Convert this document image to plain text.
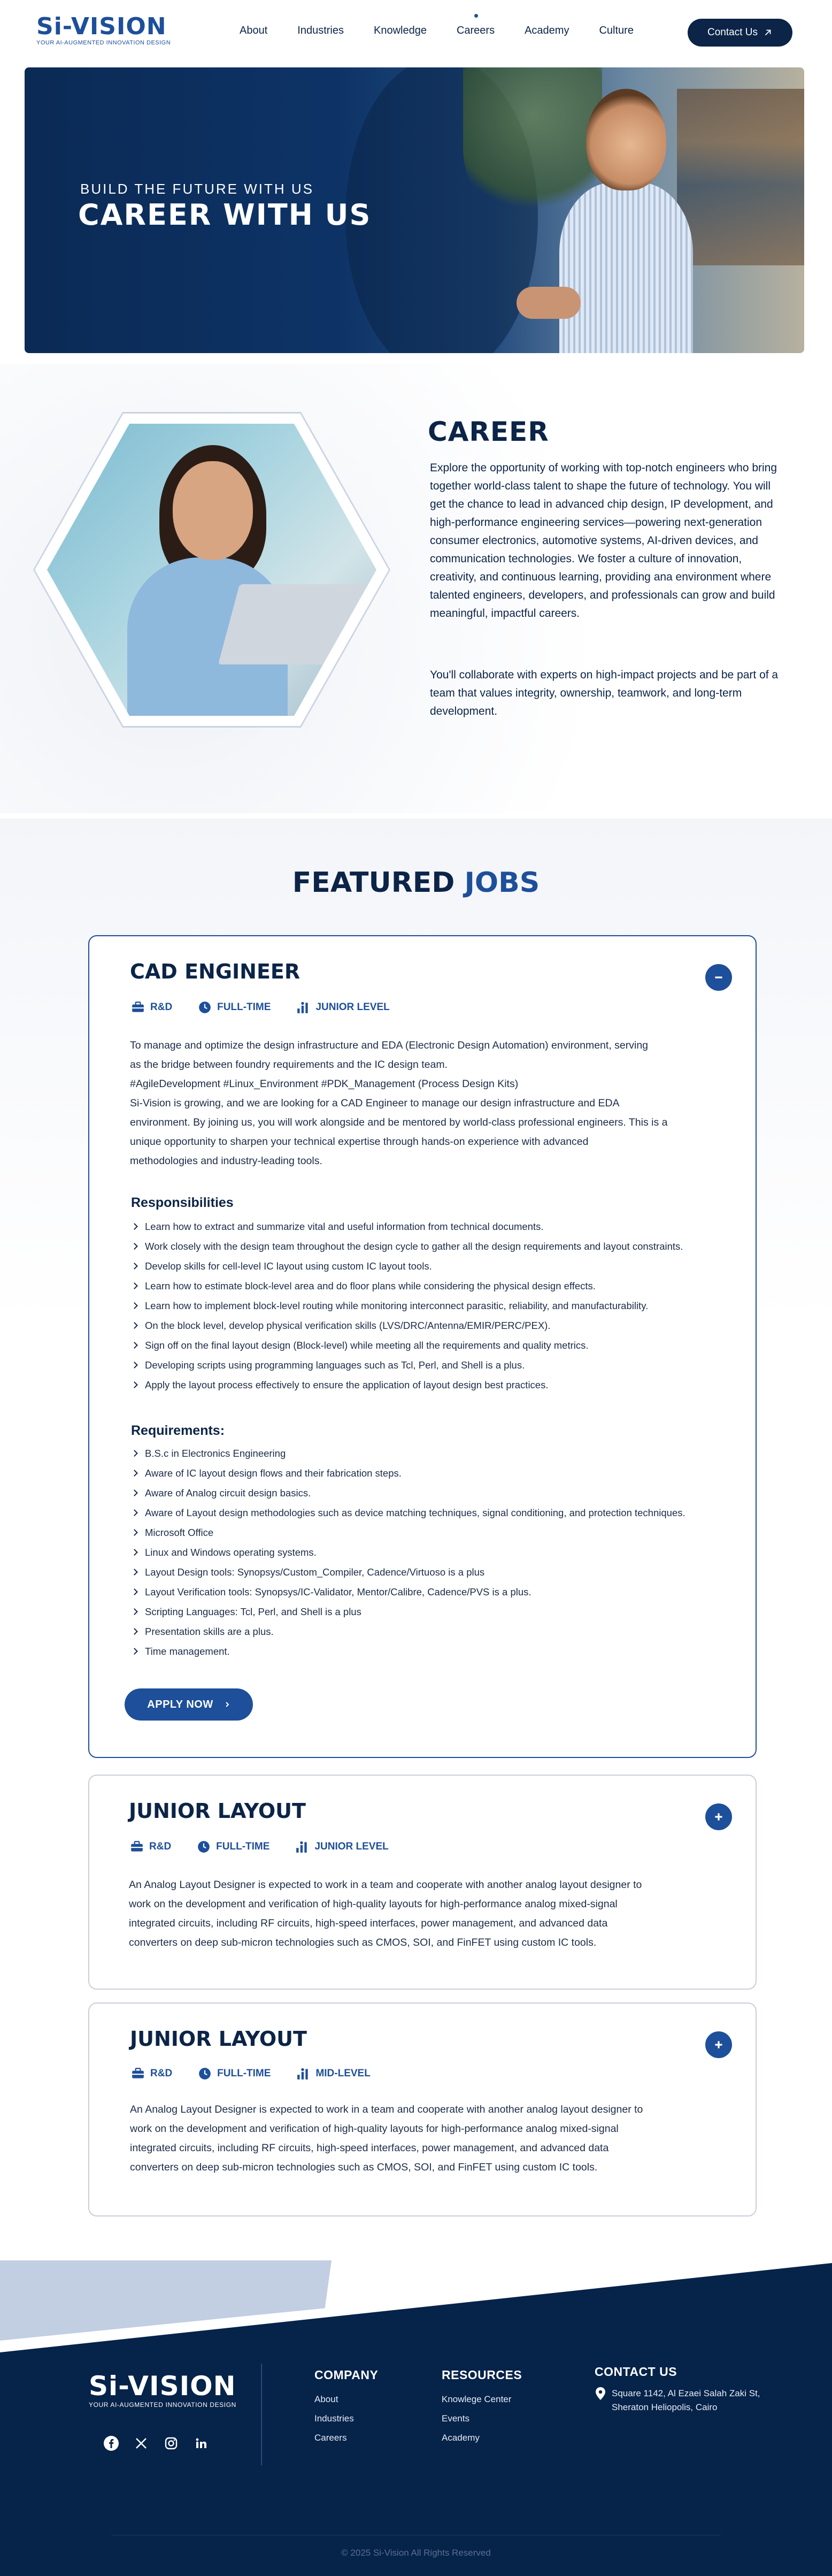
Si-VISION
YOUR AI-AUGMENTED INNOVATION DESIGN
About	Industries	Knowledge	Careers	Academy	Culture	Contact Us
BUILD THE FUTURE WITH US
CAREER WITH US
CAREER

Explore the opportunity of working with top-notch engineers who bring together world-class talent to shape the future of technology. You will get the chance to lead in advanced chip design, IP development, and high-performance engineering services—powering next-generation consumer electronics, automotive systems, AI-driven devices, and communication technologies. We foster a culture of innovation, creativity, and continuous learning, providing ana environment where talented engineers, developers, and professionals can grow and build meaningful, impactful careers.

You'll collaborate with experts on high-impact projects and be part of a team that values integrity, ownership, teamwork, and long-term development.

FEATURED JOBS
CAD ENGINEER
R&D	FULL-TIME	JUNIOR LEVEL
To manage and optimize the design infrastructure and EDA (Electronic Design Automation) environment, serving
as the bridge between foundry requirements and the IC design team.
#AgileDevelopment #Linux_Environment #PDK_Management (Process Design Kits)
Si-Vision is growing, and we are looking for a CAD Engineer to manage our design infrastructure and EDA
environment. By joining us, you will work alongside and be mentored by world-class professional engineers. This is a
unique opportunity to sharpen your technical expertise through hands-on experience with advanced
methodologies and industry-leading tools.
Responsibilities
Learn how to extract and summarize vital and useful information from technical documents.
Work closely with the design team throughout the design cycle to gather all the design requirements and layout constraints.
Develop skills for cell-level IC layout using custom IC layout tools.
Learn how to estimate block-level area and do floor plans while considering the physical design effects.
Learn how to implement block-level routing while monitoring interconnect parasitic, reliability, and manufacturability.
On the block level, develop physical verification skills (LVS/DRC/Antenna/EMIR/PERC/PEX).
Sign off on the final layout design (Block-level) while meeting all the requirements and quality metrics.
Developing scripts using programming languages such as Tcl, Perl, and Shell is a plus.
Apply the layout process effectively to ensure the application of layout design best practices.
Requirements:
B.S.c in Electronics Engineering
Aware of IC layout design flows and their fabrication steps.
Aware of Analog circuit design basics.
Aware of Layout design methodologies such as device matching techniques, signal conditioning, and protection techniques.
Microsoft Office
Linux and Windows operating systems.
Layout Design tools: Synopsys/Custom_Compiler, Cadence/Virtuoso is a plus
Layout Verification tools: Synopsys/IC-Validator, Mentor/Calibre, Cadence/PVS is a plus.
Scripting Languages: Tcl, Perl, and Shell is a plus
Presentation skills are a plus.
Time management.
APPLY NOW
JUNIOR LAYOUT
R&D	FULL-TIME	JUNIOR LEVEL
An Analog Layout Designer is expected to work in a team and cooperate with another analog layout designer to
work on the development and verification of high-quality layouts for high-performance analog mixed-signal
integrated circuits, including RF circuits, high-speed interfaces, power management, and advanced data
converters on deep sub-micron technologies such as CMOS, SOI, and FinFET using custom IC tools.
JUNIOR LAYOUT
R&D	FULL-TIME	MID-LEVEL
An Analog Layout Designer is expected to work in a team and cooperate with another analog layout designer to
work on the development and verification of high-quality layouts for high-performance analog mixed-signal
integrated circuits, including RF circuits, high-speed interfaces, power management, and advanced data
converters on deep sub-micron technologies such as CMOS, SOI, and FinFET using custom IC tools.
Si-VISION
YOUR AI-AUGMENTED INNOVATION DESIGN
COMPANY
About
Industries
Careers
RESOURCES
Knowlege Center
Events
Academy
CONTACT US
Square 1142, Al Ezaei Salah Zaki St,
Sheraton Heliopolis, Cairo
© 2025 Si-Vision All Rights Reserved
